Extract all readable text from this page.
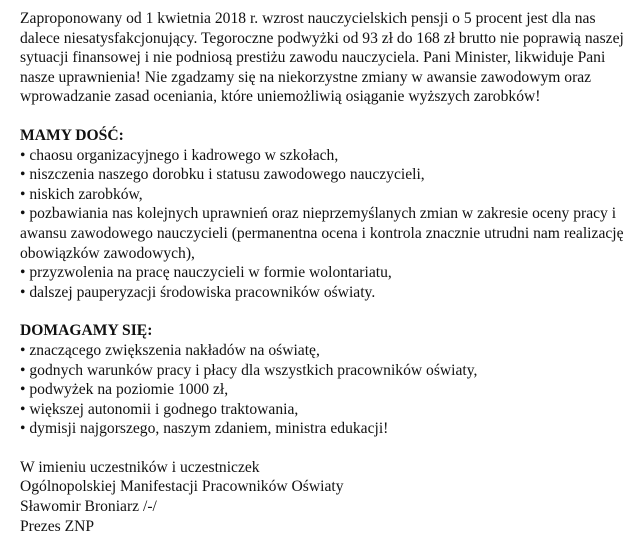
Zaproponowany od 1 kwietnia 2018 r. wzrost nauczycielskich pensji o 5 procent jest dla nas dalece niesatysfakcjonujący. Tegoroczne podwyżki od 93 zł do 168 zł brutto nie poprawią naszej sytuacji finansowej i nie podniosą prestiżu zawodu nauczyciela. Pani Minister, likwiduje Pani nasze uprawnienia! Nie zgadzamy się na niekorzystne zmiany w awansie zawodowym oraz wprowadzanie zasad oceniania, które uniemożliwią osiąganie wyższych zarobków!

MAMY DOŚĆ:

• chaosu organizacyjnego i kadrowego w szkołach,
• niszczenia naszego dorobku i statusu zawodowego nauczycieli,
• niskich zarobków,
• pozbawiania nas kolejnych uprawnień oraz nieprzemyślanych zmian w zakresie oceny pracy i awansu zawodowego nauczycieli (permanentna ocena i kontrola znacznie utrudni nam realizację obowiązków zawodowych),
• przyzwolenia na pracę nauczycieli w formie wolontariatu,
• dalszej pauperyzacji środowiska pracowników oświaty.

DOMAGAMY SIĘ:

• znaczącego zwiększenia nakładów na oświatę,
• godnych warunków pracy i płacy dla wszystkich pracowników oświaty,
• podwyżek na poziomie 1000 zł,
• większej autonomii i godnego traktowania,
• dymisji najgorszego, naszym zdaniem, ministra edukacji!

W imieniu uczestników i uczestniczek

Ogólnopolskiej Manifestacji Pracowników Oświaty

Sławomir Broniarz /-/

Prezes ZNP
